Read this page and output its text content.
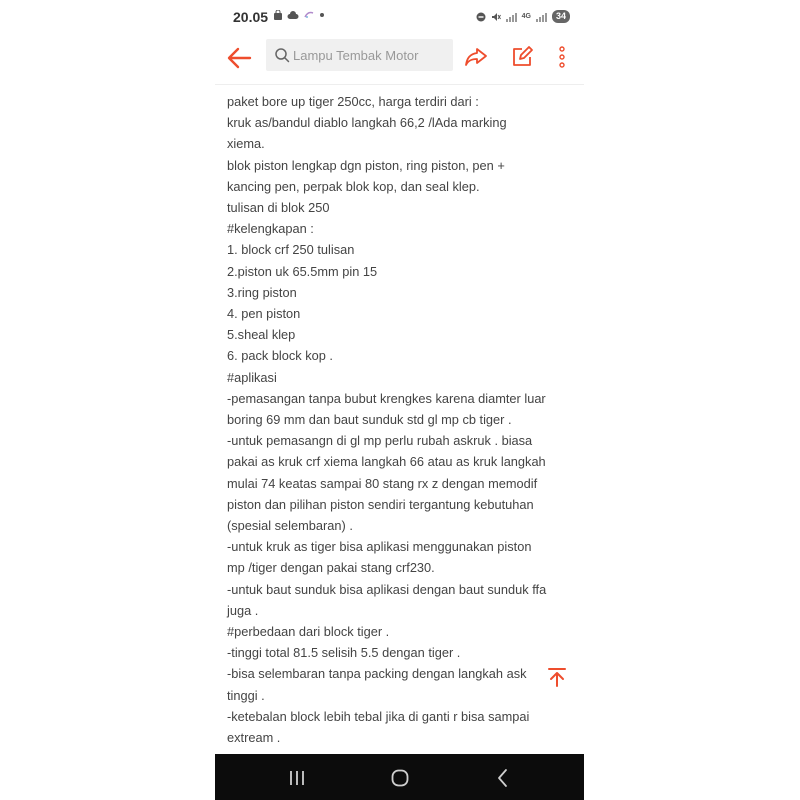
20.05	4G	34
Lampu Tembak Motor
paket bore up tiger 250cc, harga terdiri dari :
kruk as/bandul diablo langkah 66,2 /lAda marking
xiema.
blok piston lengkap dgn piston, ring piston, pen +
kancing pen, perpak blok kop, dan seal klep.
tulisan di blok 250
#kelengkapan :
1. block crf 250 tulisan
2.piston uk 65.5mm pin 15
3.ring piston
4. pen piston
5.sheal klep
6. pack block kop .
#aplikasi
-pemasangan tanpa bubut krengkes karena diamter luar
boring 69 mm dan baut sunduk std gl mp cb tiger .
-untuk pemasangn di gl mp perlu rubah askruk . biasa
pakai as kruk crf xiema langkah 66 atau as kruk langkah
mulai 74 keatas sampai 80 stang rx z dengan memodif
piston dan pilihan piston sendiri tergantung kebutuhan
(spesial selembaran) .
-untuk kruk as tiger bisa aplikasi menggunakan piston
mp /tiger dengan pakai stang crf230.
-untuk baut sunduk bisa aplikasi dengan baut sunduk ffa
juga .
#perbedaan dari block tiger .
-tinggi total 81.5 selisih 5.5 dengan tiger .
-bisa selembaran tanpa packing dengan langkah ask
tinggi .
-ketebalan block lebih tebal jika di ganti r bisa sampai
extream .
